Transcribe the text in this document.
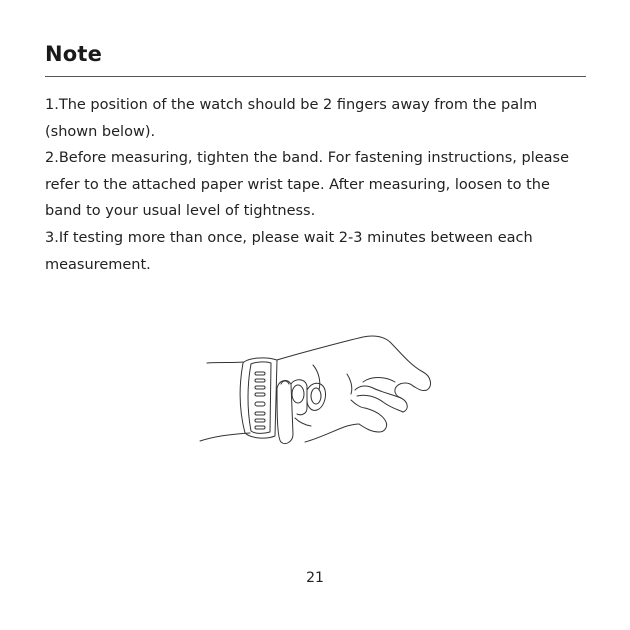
Note

1.The position of the watch should be 2 fingers away from the palm (shown below).

2.Before measuring, tighten the band. For fastening instructions, please refer to the attached paper wrist tape. After measuring, loosen to the band to your usual level of tightness.

3.If testing more than once, please wait 2-3 minutes between each measurement.

21
